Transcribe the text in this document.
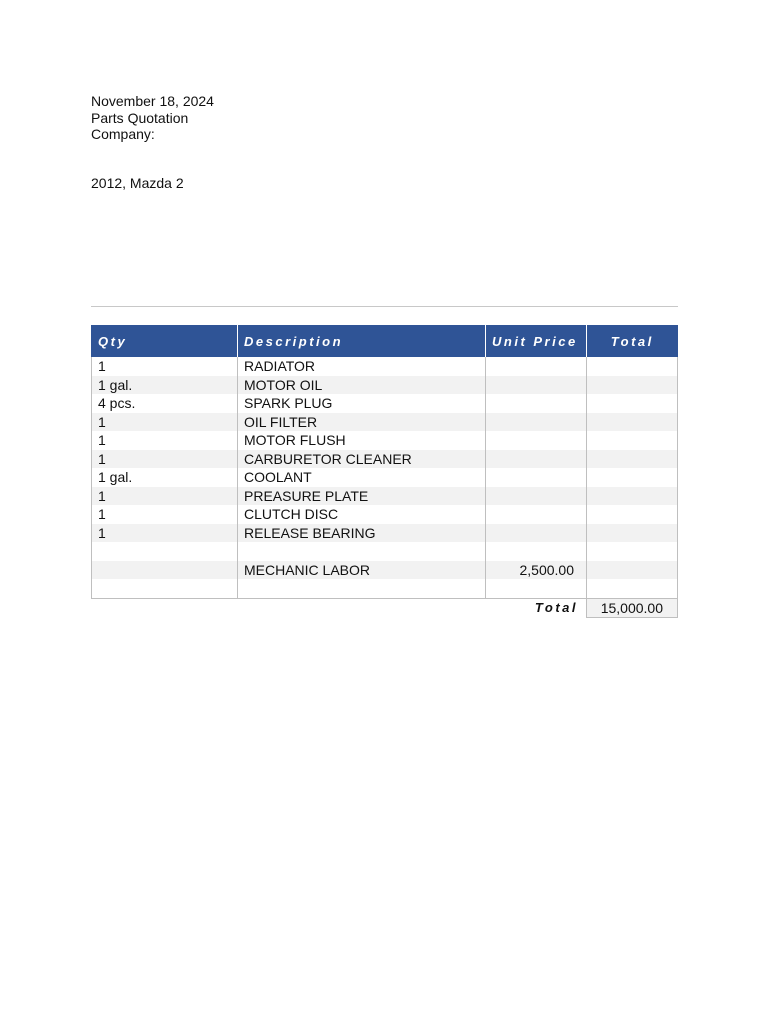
November 18, 2024
Parts Quotation
Company:
2012, Mazda 2
Qty	Description	Unit Price	Total
1	RADIATOR		
1 gal.	MOTOR OIL		
4 pcs.	SPARK PLUG		
1	OIL FILTER		
1	MOTOR FLUSH		
1	CARBURETOR CLEANER		
1 gal.	COOLANT		
1	PREASURE PLATE		
1	CLUTCH DISC		
1	RELEASE BEARING		

	MECHANIC LABOR	2,500.00	

		Total	15,000.00
